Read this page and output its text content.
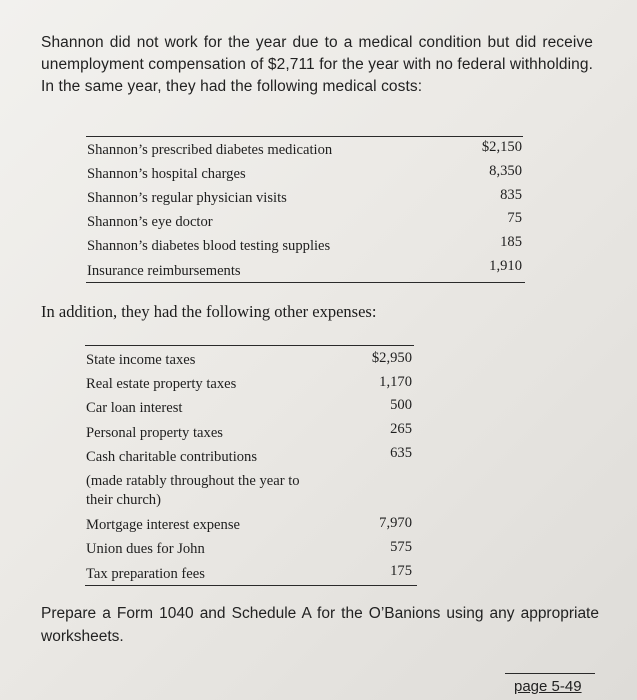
Shannon did not work for the year due to a medical condition but did receive unemployment compensation of $2,711 for the year with no federal withholding. In the same year, they had the following medical costs:

Shannon’s prescribed diabetes medication	$2,150
Shannon’s hospital charges	8,350
Shannon’s regular physician visits	835
Shannon’s eye doctor	75
Shannon’s diabetes blood testing supplies	185
Insurance reimbursements	1,910

In addition, they had the following other expenses:

State income taxes	$2,950
Real estate property taxes	1,170
Car loan interest	500
Personal property taxes	265
Cash charitable contributions	635
(made ratably throughout the year to
their church)
Mortgage interest expense	7,970
Union dues for John	575
Tax preparation fees	175

Prepare a Form 1040 and Schedule A for the O’Banions using any appropriate worksheets.

page 5-49
